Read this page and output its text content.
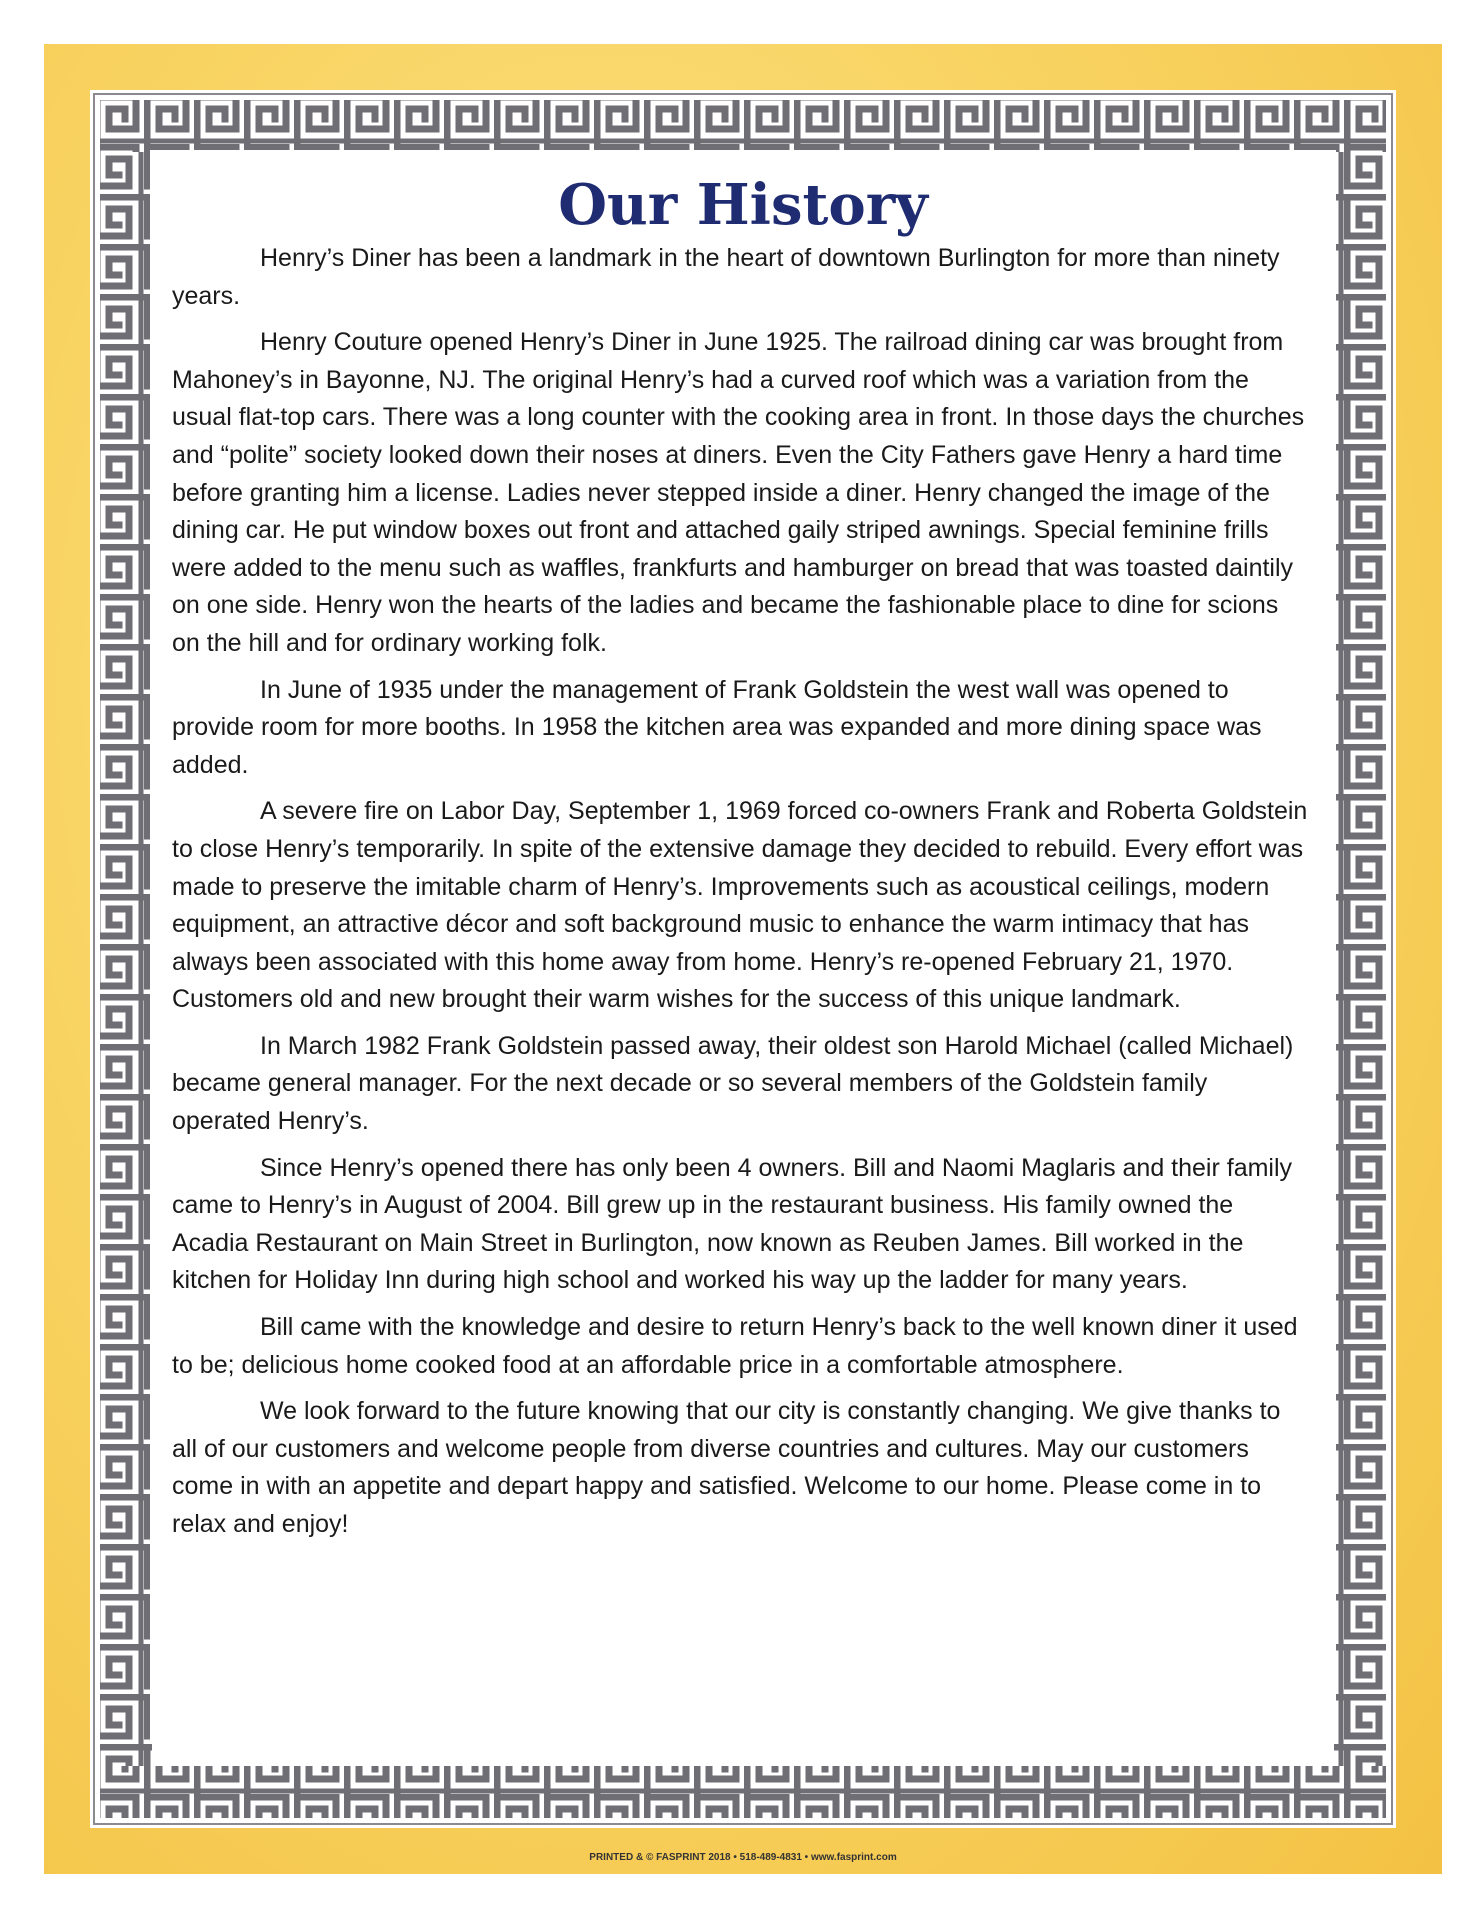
Our History

Henry’s Diner has been a landmark in the heart of downtown Burlington for more than ninety years.

Henry Couture opened Henry’s Diner in June 1925. The railroad dining car was brought from Mahoney’s in Bayonne, NJ. The original Henry’s had a curved roof which was a variation from the usual flat-top cars. There was a long counter with the cooking area in front. In those days the churches and “polite” society looked down their noses at diners. Even the City Fathers gave Henry a hard time before granting him a license. Ladies never stepped inside a diner. Henry changed the image of the dining car. He put window boxes out front and attached gaily striped awnings. Special feminine frills were added to the menu such as waffles, frankfurts and hamburger on bread that was toasted daintily on one side. Henry won the hearts of the ladies and became the fashionable place to dine for scions on the hill and for ordinary working folk.

In June of 1935 under the management of Frank Goldstein the west wall was opened to provide room for more booths. In 1958 the kitchen area was expanded and more dining space was added.

A severe fire on Labor Day, September 1, 1969 forced co-owners Frank and Roberta Goldstein to close Henry’s temporarily. In spite of the extensive damage they decided to rebuild. Every effort was made to preserve the imitable charm of Henry’s. Improvements such as acoustical ceilings, modern equipment, an attractive décor and soft background music to enhance the warm intimacy that has always been associated with this home away from home. Henry’s re-opened February 21, 1970. Customers old and new brought their warm wishes for the success of this unique landmark.

In March 1982 Frank Goldstein passed away, their oldest son Harold Michael (called Michael) became general manager. For the next decade or so several members of the Goldstein family operated Henry’s.

Since Henry’s opened there has only been 4 owners. Bill and Naomi Maglaris and their family came to Henry’s in August of 2004. Bill grew up in the restaurant business. His family owned the Acadia Restaurant on Main Street in Burlington, now known as Reuben James. Bill worked in the kitchen for Holiday Inn during high school and worked his way up the ladder for many years.

Bill came with the knowledge and desire to return Henry’s back to the well known diner it used to be; delicious home cooked food at an affordable price in a comfortable atmosphere.

We look forward to the future knowing that our city is constantly changing. We give thanks to all of our customers and welcome people from diverse countries and cultures. May our customers come in with an appetite and depart happy and satisfied. Welcome to our home. Please come in to relax and enjoy!

PRINTED & © FASPRINT 2018 • 518-489-4831 • www.fasprint.com
